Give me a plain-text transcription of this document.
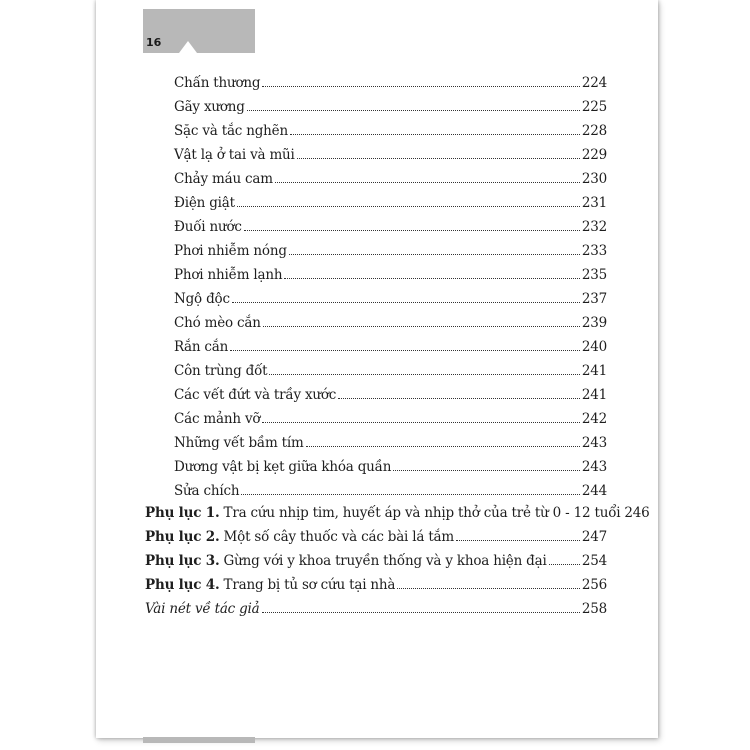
16
Chấn thương	224
Gãy xương	225
Sặc và tắc nghẽn	228
Vật lạ ở tai và mũi	229
Chảy máu cam	230
Điện giật	231
Đuối nước	232
Phơi nhiễm nóng	233
Phơi nhiễm lạnh	235
Ngộ độc	237
Chó mèo cắn	239
Rắn cắn	240
Côn trùng đốt	241
Các vết đứt và trầy xước	241
Các mảnh vỡ	242
Những vết bầm tím	243
Dương vật bị kẹt giữa khóa quần	243
Sửa chích	244
Phụ lục 1. Tra cứu nhịp tim, huyết áp và nhịp thở của trẻ từ 0 - 12 tuổi 246
Phụ lục 2. Một số cây thuốc và các bài lá tắm	247
Phụ lục 3. Gừng với y khoa truyền thống và y khoa hiện đại	254
Phụ lục 4. Trang bị tủ sơ cứu tại nhà	256
Vài nét về tác giả	258
